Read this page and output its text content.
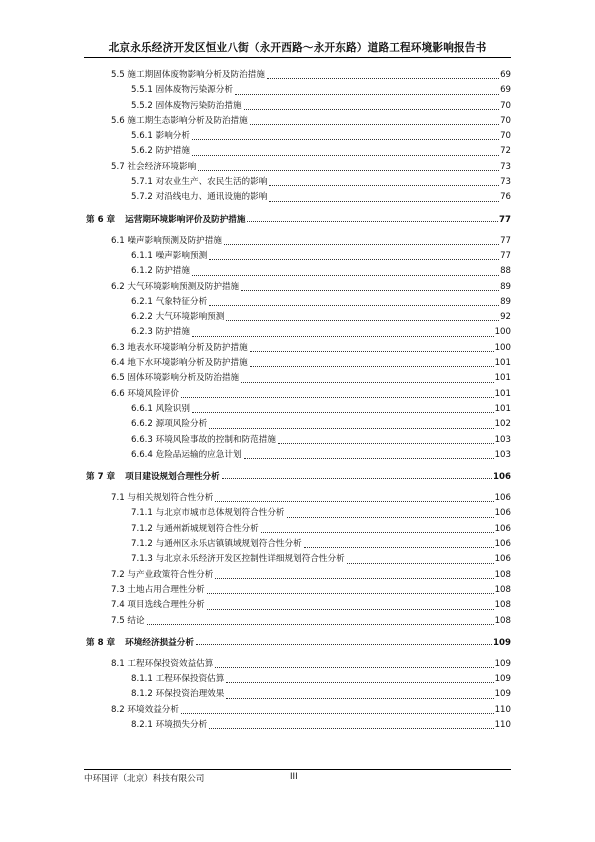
北京永乐经济开发区恒业八街（永开西路～永开东路）道路工程环境影响报告书
5.5 施工期固体废物影响分析及防治措施	69
5.5.1 固体废物污染源分析	69
5.5.2 固体废物污染防治措施	70
5.6 施工期生态影响分析及防治措施	70
5.6.1 影响分析	70
5.6.2 防护措施	72
5.7 社会经济环境影响	73
5.7.1 对农业生产、农民生活的影响	73
5.7.2 对沿线电力、通讯设施的影响	76
第 6 章 运营期环境影响评价及防护措施	77
6.1 噪声影响预测及防护措施	77
6.1.1 噪声影响预测	77
6.1.2 防护措施	88
6.2 大气环境影响预测及防护措施	89
6.2.1 气象特征分析	89
6.2.2 大气环境影响预测	92
6.2.3 防护措施	100
6.3 地表水环境影响分析及防护措施	100
6.4 地下水环境影响分析及防护措施	101
6.5 固体环境影响分析及防治措施	101
6.6 环境风险评价	101
6.6.1 风险识别	101
6.6.2 源项风险分析	102
6.6.3 环境风险事故的控制和防范措施	103
6.6.4 危险品运输的应急计划	103
第 7 章 项目建设规划合理性分析	106
7.1 与相关规划符合性分析	106
7.1.1 与北京市城市总体规划符合性分析	106
7.1.2 与通州新城规划符合性分析	106
7.1.2 与通州区永乐店镇镇域规划符合性分析	106
7.1.3 与北京永乐经济开发区控制性详细规划符合性分析	106
7.2 与产业政策符合性分析	108
7.3 土地占用合理性分析	108
7.4 项目选线合理性分析	108
7.5 结论	108
第 8 章 环境经济损益分析	109
8.1 工程环保投资效益估算	109
8.1.1 工程环保投资估算	109
8.1.2 环保投资治理效果	109
8.2 环境效益分析	110
8.2.1 环境损失分析	110
中环国评（北京）科技有限公司	III
